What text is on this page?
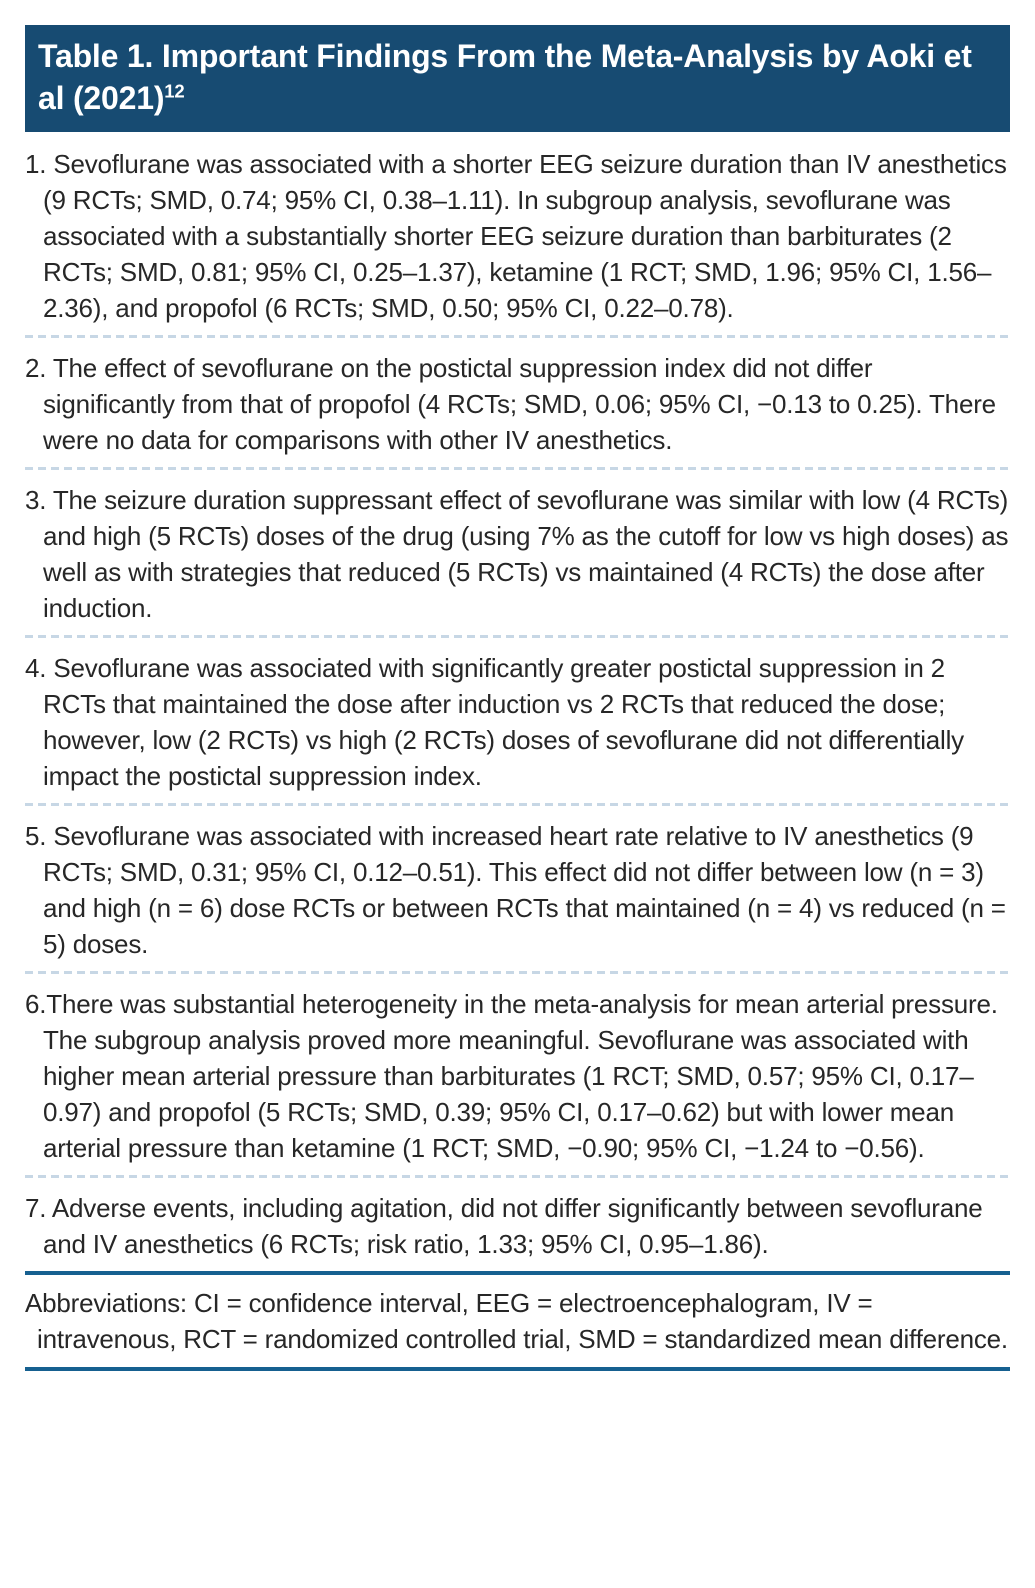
Table 1. Important Findings From the Meta-Analysis by Aoki et al $(2021)^{12}$
1. Sevoflurane was associated with a shorter EEG seizure duration than IV anesthetics (9 RCTs; SMD, 0.74; 95% CI, 0.38–1.11). In subgroup analysis, sevoflurane was associated with a substantially shorter EEG seizure duration than barbiturates (2 RCTs; SMD, 0.81; 95% CI, 0.25–1.37), ketamine (1 RCT; SMD, 1.96; 95% CI, 1.56–2.36), and propofol (6 RCTs; SMD, 0.50; 95% CI, 0.22–0.78).
2. The effect of sevoflurane on the postictal suppression index did not differ significantly from that of propofol (4 RCTs; SMD, 0.06; 95% CI, −0.13 to 0.25). There were no data for comparisons with other IV anesthetics.
3. The seizure duration suppressant effect of sevoflurane was similar with low (4 RCTs) and high (5 RCTs) doses of the drug (using 7% as the cutoff for low vs high doses) as well as with strategies that reduced (5 RCTs) vs maintained (4 RCTs) the dose after induction.
4. Sevoflurane was associated with significantly greater postictal suppression in 2 RCTs that maintained the dose after induction vs 2 RCTs that reduced the dose; however, low (2 RCTs) vs high (2 RCTs) doses of sevoflurane did not differentially impact the postictal suppression index.
5. Sevoflurane was associated with increased heart rate relative to IV anesthetics (9 RCTs; SMD, 0.31; 95% CI, 0.12–0.51). This effect did not differ between low (n = 3) and high (n = 6) dose RCTs or between RCTs that maintained (n = 4) vs reduced (n = 5) doses.
6.There was substantial heterogeneity in the meta-analysis for mean arterial pressure. The subgroup analysis proved more meaningful. Sevoflurane was associated with higher mean arterial pressure than barbiturates (1 RCT; SMD, 0.57; 95% CI, 0.17–0.97) and propofol (5 RCTs; SMD, 0.39; 95% CI, 0.17–0.62) but with lower mean arterial pressure than ketamine (1 RCT; SMD, −0.90; 95% CI, −1.24 to −0.56).
7. Adverse events, including agitation, did not differ significantly between sevoflurane and IV anesthetics (6 RCTs; risk ratio, 1.33; 95% CI, 0.95–1.86).

Abbreviations: CI = confidence interval, EEG = electroencephalogram, IV = intravenous, RCT = randomized controlled trial, SMD = standardized mean difference.
